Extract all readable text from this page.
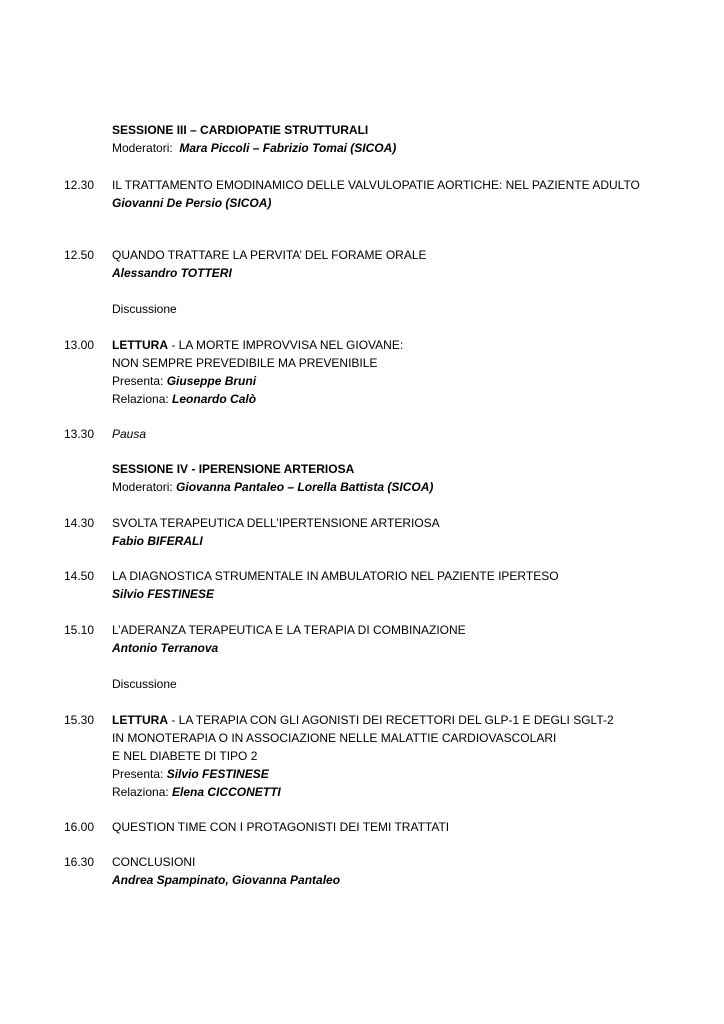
SESSIONE III – CARDIOPATIE STRUTTURALI
Moderatori: Mara Piccoli – Fabrizio Tomai (SICOA)
12.30 IL TRATTAMENTO EMODINAMICO DELLE VALVULOPATIE AORTICHE: NEL PAZIENTE ADULTO
Giovanni De Persio (SICOA)
12.50 QUANDO TRATTARE LA PERVITA’ DEL FORAME ORALE
Alessandro TOTTERI
Discussione
13.00 LETTURA - LA MORTE IMPROVVISA NEL GIOVANE:
NON SEMPRE PREVEDIBILE MA PREVENIBILE
Presenta: Giuseppe Bruni
Relaziona: Leonardo Calò
13.30 Pausa
SESSIONE IV - IPERENSIONE ARTERIOSA
Moderatori: Giovanna Pantaleo – Lorella Battista (SICOA)
14.30 SVOLTA TERAPEUTICA DELL’IPERTENSIONE ARTERIOSA
Fabio BIFERALI
14.50 LA DIAGNOSTICA STRUMENTALE IN AMBULATORIO NEL PAZIENTE IPERTESO
Silvio FESTINESE
15.10 L’ADERANZA TERAPEUTICA E LA TERAPIA DI COMBINAZIONE
Antonio Terranova
Discussione
15.30 LETTURA - LA TERAPIA CON GLI AGONISTI DEI RECETTORI DEL GLP-1 E DEGLI SGLT-2
IN MONOTERAPIA O IN ASSOCIAZIONE NELLE MALATTIE CARDIOVASCOLARI
E NEL DIABETE DI TIPO 2
Presenta: Silvio FESTINESE
Relaziona: Elena CICCONETTI
16.00 QUESTION TIME CON I PROTAGONISTI DEI TEMI TRATTATI
16.30 CONCLUSIONI
Andrea Spampinato, Giovanna Pantaleo
